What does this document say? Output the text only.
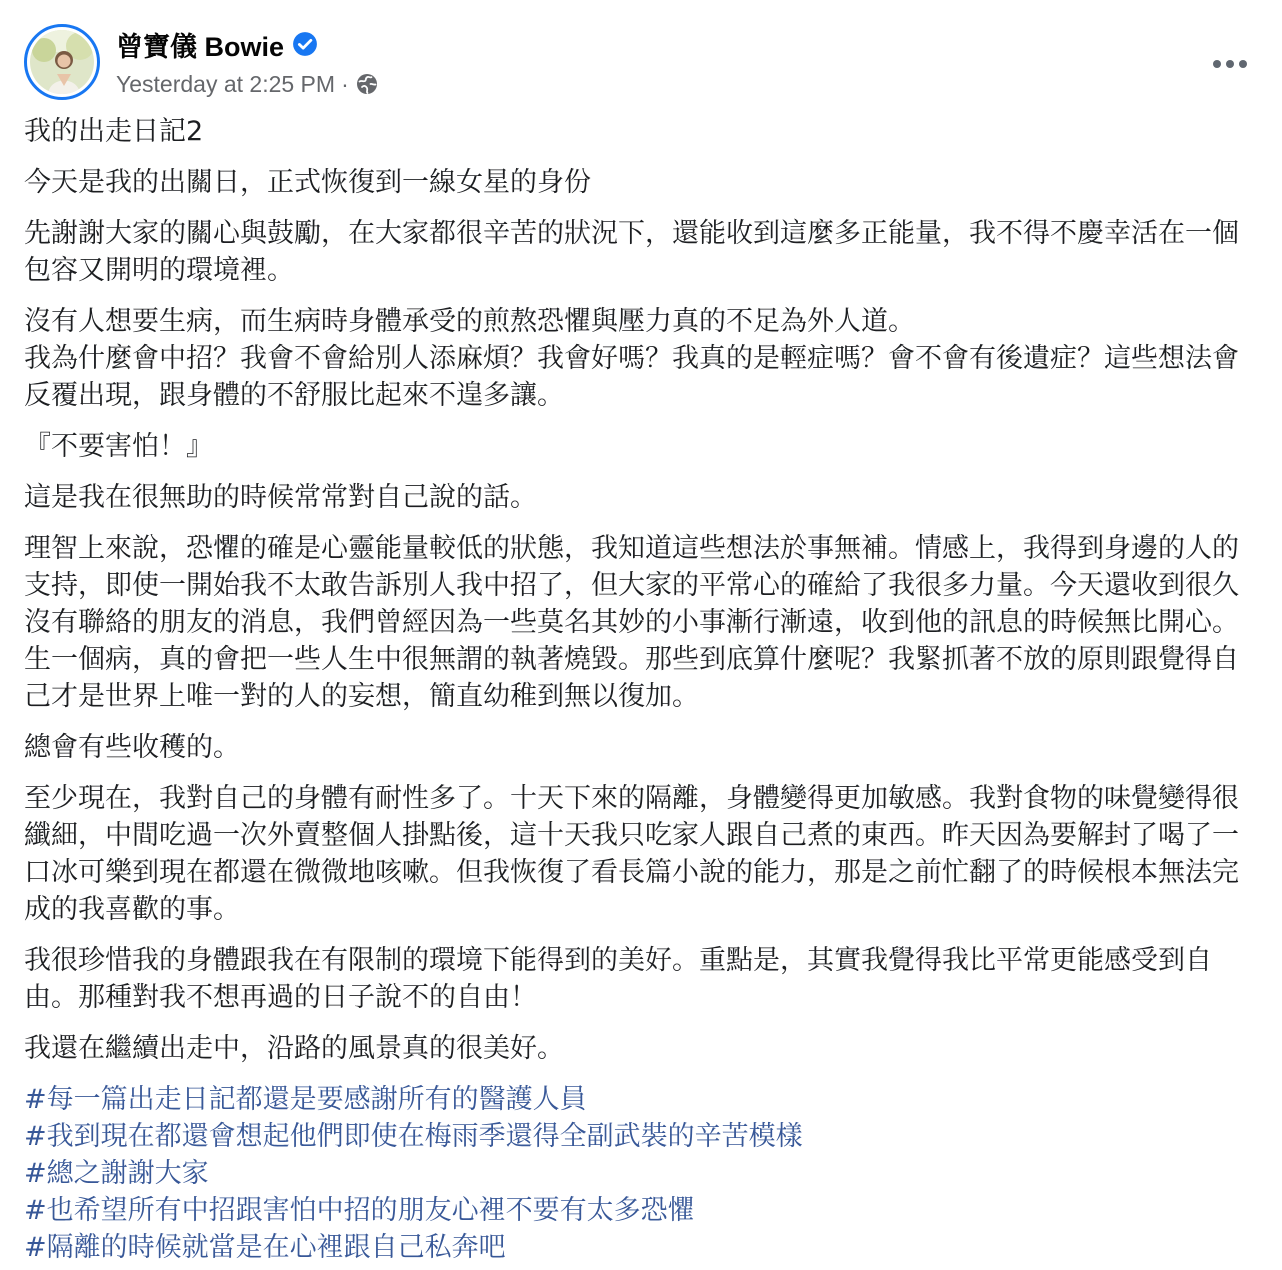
曾寶儀 Bowie
Yesterday at 2:25 PM ·

我的出走日記2

今天是我的出關日，正式恢復到一線女星的身份

先謝謝大家的關心與鼓勵，在大家都很辛苦的狀況下，還能收到這麼多正能量，我不得不慶幸活在一個包容又開明的環境裡。

沒有人想要生病，而生病時身體承受的煎熬恐懼與壓力真的不足為外人道。
我為什麼會中招？我會不會給別人添麻煩？我會好嗎？我真的是輕症嗎？會不會有後遺症？這些想法會反覆出現，跟身體的不舒服比起來不遑多讓。

『不要害怕！』

這是我在很無助的時候常常對自己說的話。

理智上來說，恐懼的確是心靈能量較低的狀態，我知道這些想法於事無補。情感上，我得到身邊的人的支持，即使一開始我不太敢告訴別人我中招了，但大家的平常心的確給了我很多力量。今天還收到很久沒有聯絡的朋友的消息，我們曾經因為一些莫名其妙的小事漸行漸遠，收到他的訊息的時候無比開心。生一個病，真的會把一些人生中很無謂的執著燒毀。那些到底算什麼呢？我緊抓著不放的原則跟覺得自己才是世界上唯一對的人的妄想，簡直幼稚到無以復加。

總會有些收穫的。

至少現在，我對自己的身體有耐性多了。十天下來的隔離，身體變得更加敏感。我對食物的味覺變得很纖細，中間吃過一次外賣整個人掛點後，這十天我只吃家人跟自己煮的東西。昨天因為要解封了喝了一口冰可樂到現在都還在微微地咳嗽。但我恢復了看長篇小說的能力，那是之前忙翻了的時候根本無法完成的我喜歡的事。

我很珍惜我的身體跟我在有限制的環境下能得到的美好。重點是，其實我覺得我比平常更能感受到自由。那種對我不想再過的日子說不的自由！

我還在繼續出走中，沿路的風景真的很美好。

#每一篇出走日記都還是要感謝所有的醫護人員
#我到現在都還會想起他們即使在梅雨季還得全副武裝的辛苦模樣
#總之謝謝大家
#也希望所有中招跟害怕中招的朋友心裡不要有太多恐懼
#隔離的時候就當是在心裡跟自己私奔吧
